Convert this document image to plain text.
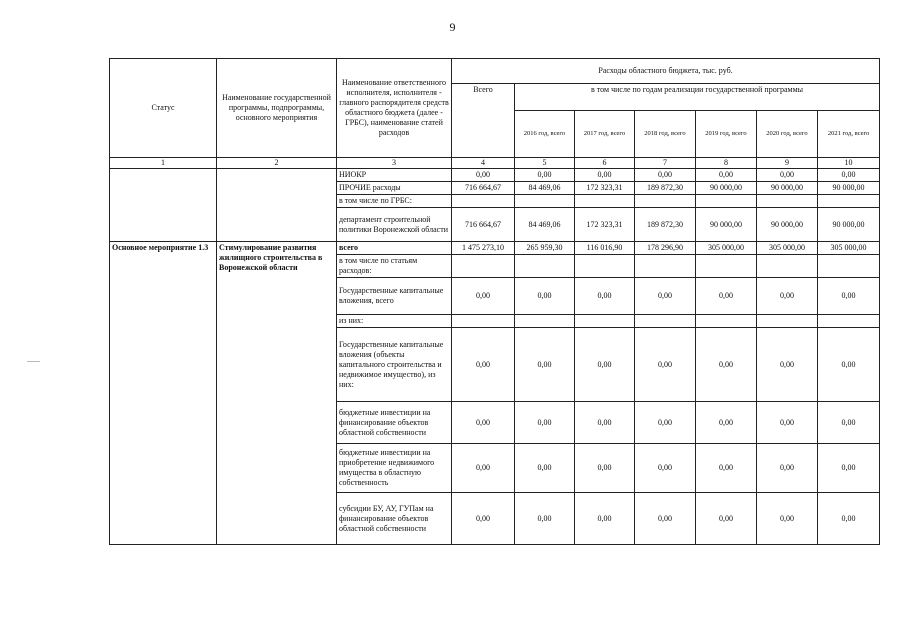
9
Статус	Наименование государственной программы, подпрограммы, основного мероприятия	Наименование ответственного исполнителя, исполнителя - главного распорядителя средств областного бюджета (далее - ГРБС), наименование статей расходов	Расходы областного бюджета, тыс. руб.						
			Всего	в том числе по годам реализации государственной программы					
				2016 год, всего	2017 год, всего	2018 год, всего	2019 год, всего	2020 год, всего	2021 год, всего
1	2	3	4	5	6	7	8	9	10
		НИОКР	0,00	0,00	0,00	0,00	0,00	0,00	0,00
		ПРОЧИЕ расходы	716 664,67	84 469,06	172 323,31	189 872,30	90 000,00	90 000,00	90 000,00
		в том числе по ГРБС:							
		департамент строительной политики Воронежской области	716 664,67	84 469,06	172 323,31	189 872,30	90 000,00	90 000,00	90 000,00
Основное мероприятие 1.3	Стимулирование развития жилищного строительства в Воронежской области	всего	1 475 273,10	265 959,30	116 016,90	178 296,90	305 000,00	305 000,00	305 000,00
		в том числе по статьям расходов:							
		Государственные капитальные вложения, всего	0,00	0,00	0,00	0,00	0,00	0,00	0,00
		из них:							
		Государственные капитальные вложения (объекты капитального строительства и недвижимое имущество), из них:	0,00	0,00	0,00	0,00	0,00	0,00	0,00
		бюджетные инвестиции на финансирование объектов областной собственности	0,00	0,00	0,00	0,00	0,00	0,00	0,00
		бюджетные инвестиции на приобретение недвижимого имущества в областную собственность	0,00	0,00	0,00	0,00	0,00	0,00	0,00
		субсидии БУ, АУ, ГУПам на финансирование объектов областной собственности	0,00	0,00	0,00	0,00	0,00	0,00	0,00
